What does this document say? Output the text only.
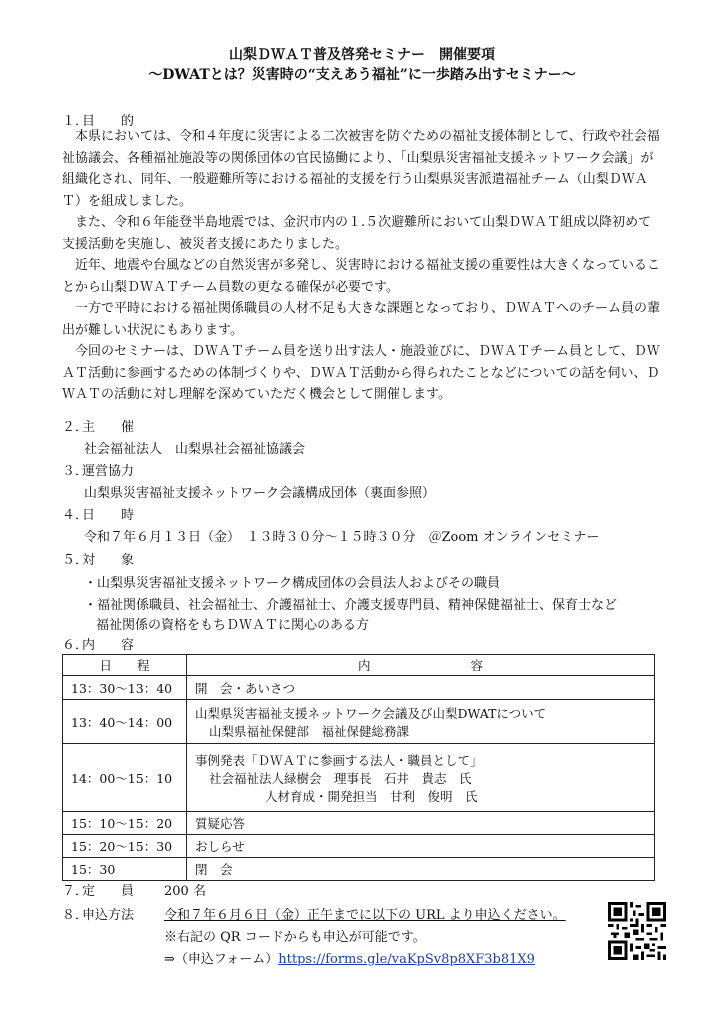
山梨ＤＷＡＴ普及啓発セミナー　開催要項
～DWATとは？災害時の“支えあう福祉”に一歩踏み出すセミナー～
１．目　　的

本県においては、令和４年度に災害による二次被害を防ぐための福祉支援体制として、行政や社会福祉協議会、各種福祉施設等の関係団体の官民協働により、「山梨県災害福祉支援ネットワーク会議」が組織化され、同年、一般避難所等における福祉的支援を行う山梨県災害派遣福祉チーム（山梨ＤＷＡＴ）を組成しました。

また、令和６年能登半島地震では、金沢市内の１.５次避難所において山梨ＤＷＡＴ組成以降初めて支援活動を実施し、被災者支援にあたりました。

近年、地震や台風などの自然災害が多発し、災害時における福祉支援の重要性は大きくなっていることから山梨ＤＷＡＴチーム員数の更なる確保が必要です。

一方で平時における福祉関係職員の人材不足も大きな課題となっており、ＤＷＡＴへのチーム員の輩出が難しい状況にもあります。

今回のセミナーは、ＤＷＡＴチーム員を送り出す法人・施設並びに、ＤＷＡＴチーム員として、ＤＷＡＴ活動に参画するための体制づくりや、ＤＷＡＴ活動から得られたことなどについての話を伺い、ＤＷＡＴの活動に対し理解を深めていただく機会として開催します。

２．主　　催
社会福祉法人　山梨県社会福祉協議会
３．運営協力
山梨県災害福祉支援ネットワーク会議構成団体（裏面参照）
４．日　　時
令和７年６月１３日（金）　１３時３０分～１５時３０分　＠Zoom オンラインセミナー
５．対　　象
・山梨県災害福祉支援ネットワーク構成団体の会員法人およびその職員
・福祉関係職員、社会福祉士、介護福祉士、介護支援専門員、精神保健福祉士、保育士など
福祉関係の資格をもちＤＷＡＴに関心のある方
６．内　　容
日　　程	内　　　　　　　　容
13：30～13：40	開　会・あいさつ
13：40～14：00	山梨県災害福祉支援ネットワーク会議及び山梨DWATについて
山梨県福祉保健部　福祉保健総務課

14：00～15：10	事例発表「ＤＷＡＴに参画する法人・職員として」
社会福祉法人緑樹会　理事長　石井　貴志　氏
人材育成・開発担当　甘利　俊明　氏

15：10～15：20	質疑応答
15：20～15：30	おしらせ
15：30	閉　会
７．定　　員 200 名
８．申込方法 令和７年６月６日（金）正午までに以下の URL より申込ください。
※右記の QR コードからも申込が可能です。
⇒（申込フォーム）https://forms.gle/vaKpSv8p8XF3b81X9
